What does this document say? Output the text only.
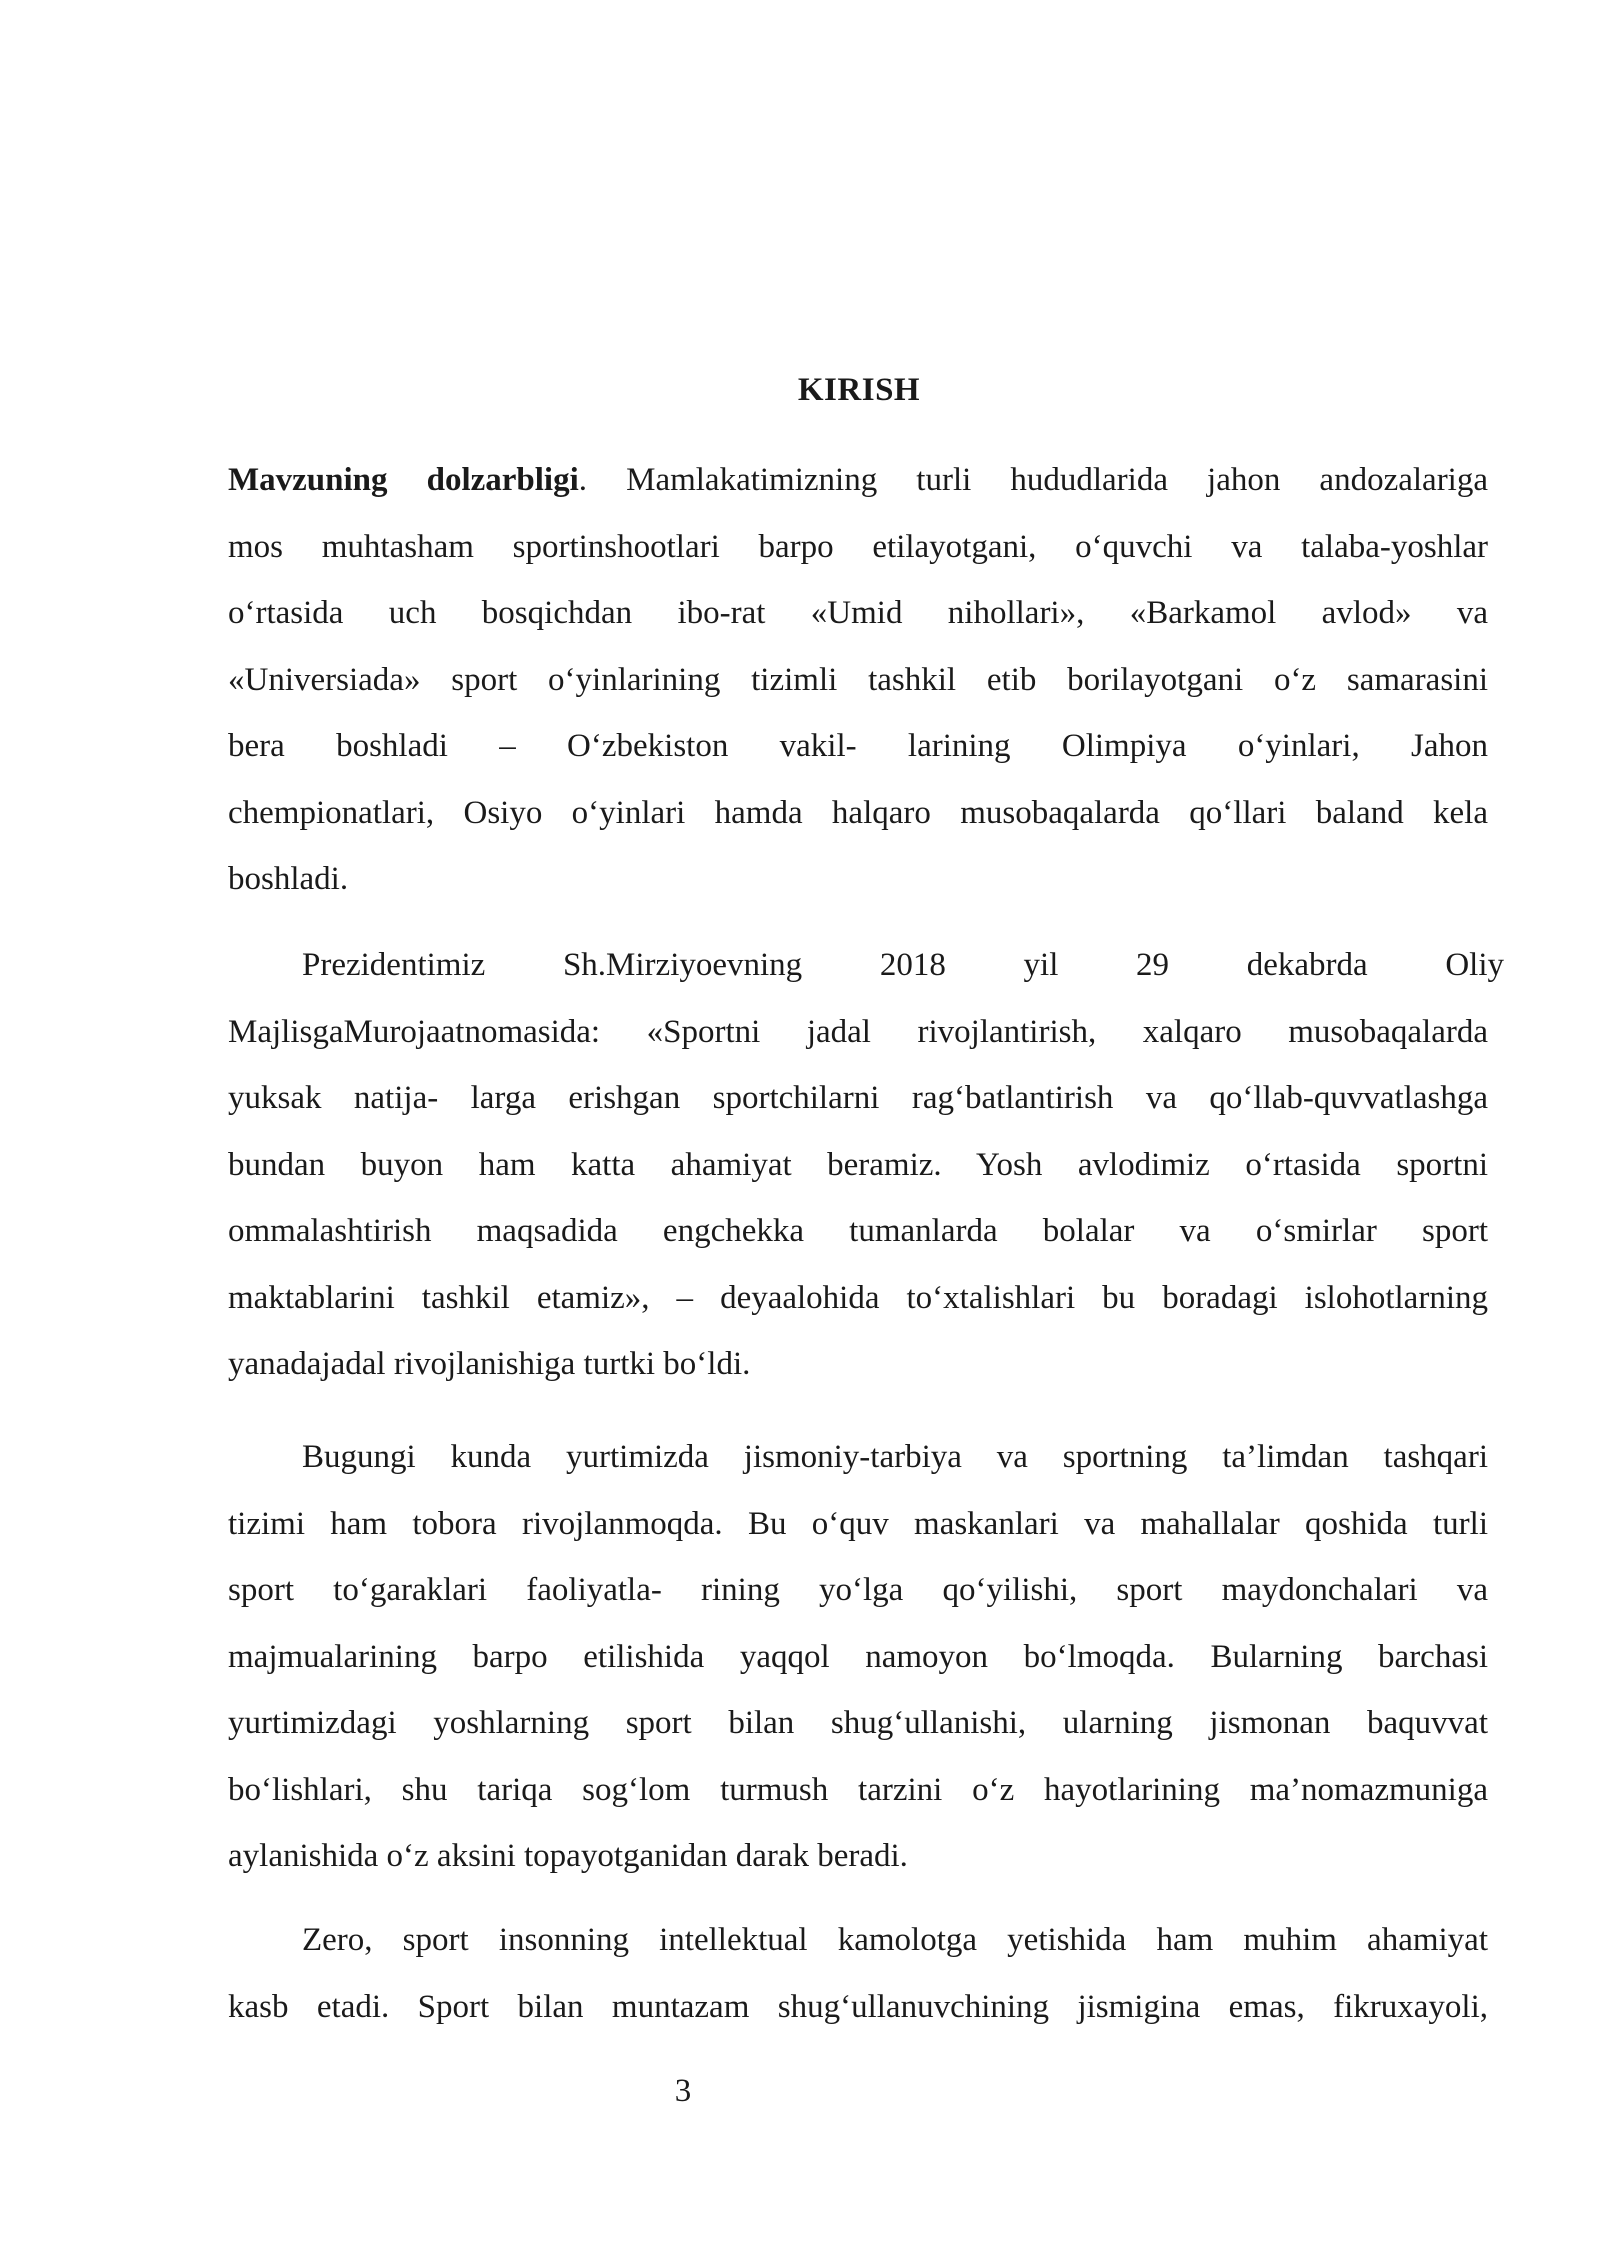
KIRISH
Mavzuning dolzarbligi. Mamlakatimizning turli hududlarida jahon andozalariga
mos muhtasham sportinshootlari barpo etilayotgani, o‘quvchi va talaba-yoshlar
o‘rtasida uch bosqichdan ibo-rat «Umid nihollari», «Barkamol avlod» va
«Universiada» sport o‘yinlarining tizimli tashkil etib borilayotgani o‘z samarasini
bera boshladi – O‘zbekiston vakil- larining Olimpiya o‘yinlari, Jahon
chempionatlari, Osiyo o‘yinlari hamda halqaro musobaqalarda qo‘llari baland kela
boshladi.
Prezidentimiz Sh.Mirziyoevning 2018 yil 29 dekabrda Oliy
MajlisgaMurojaatnomasida: «Sportni jadal rivojlantirish, xalqaro musobaqalarda
yuksak natija- larga erishgan sportchilarni rag‘batlantirish va qo‘llab-quvvatlashga
bundan buyon ham katta ahamiyat beramiz. Yosh avlodimiz o‘rtasida sportni
ommalashtirish maqsadida engchekka tumanlarda bolalar va o‘smirlar sport
maktablarini tashkil etamiz», – deyaalohida to‘xtalishlari bu boradagi islohotlarning
yanadajadal rivojlanishiga turtki bo‘ldi.
Bugungi kunda yurtimizda jismoniy-tarbiya va sportning ta’limdan tashqari
tizimi ham tobora rivojlanmoqda. Bu o‘quv maskanlari va mahallalar qoshida turli
sport to‘garaklari faoliyatla- rining yo‘lga qo‘yilishi, sport maydonchalari va
majmualarining barpo etilishida yaqqol namoyon bo‘lmoqda. Bularning barchasi
yurtimizdagi yoshlarning sport bilan shug‘ullanishi, ularning jismonan baquvvat
bo‘lishlari, shu tariqa sog‘lom turmush tarzini o‘z hayotlarining ma’nomazmuniga
aylanishida o‘z aksini topayotganidan darak beradi.
Zero, sport insonning intellektual kamolotga yetishida ham muhim ahamiyat
kasb etadi. Sport bilan muntazam shug‘ullanuvchining jismigina emas, fikruxayoli,
3
